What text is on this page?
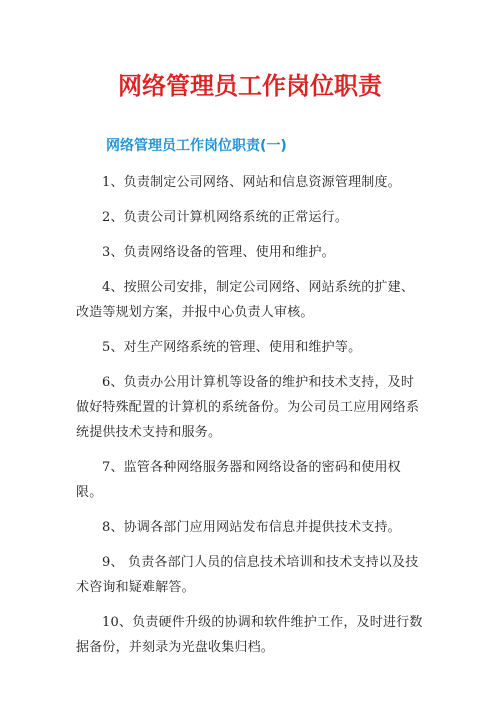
网络管理员工作岗位职责
网络管理员工作岗位职责(一)
1、负责制定公司网络、网站和信息资源管理制度。
2、负责公司计算机网络系统的正常运行。
3、负责网络设备的管理、使用和维护。
4、按照公司安排，制定公司网络、网站系统的扩建、改造等规划方案，并报中心负责人审核。
5、对生产网络系统的管理、使用和维护等。
6、负责办公用计算机等设备的维护和技术支持，及时做好特殊配置的计算机的系统备份。为公司员工应用网络系统提供技术支持和服务。
7、监管各种网络服务器和网络设备的密码和使用权限。
8、协调各部门应用网站发布信息并提供技术支持。
9、 负责各部门人员的信息技术培训和技术支持以及技术咨询和疑难解答。
10、负责硬件升级的协调和软件维护工作，及时进行数据备份，并刻录为光盘收集归档。
